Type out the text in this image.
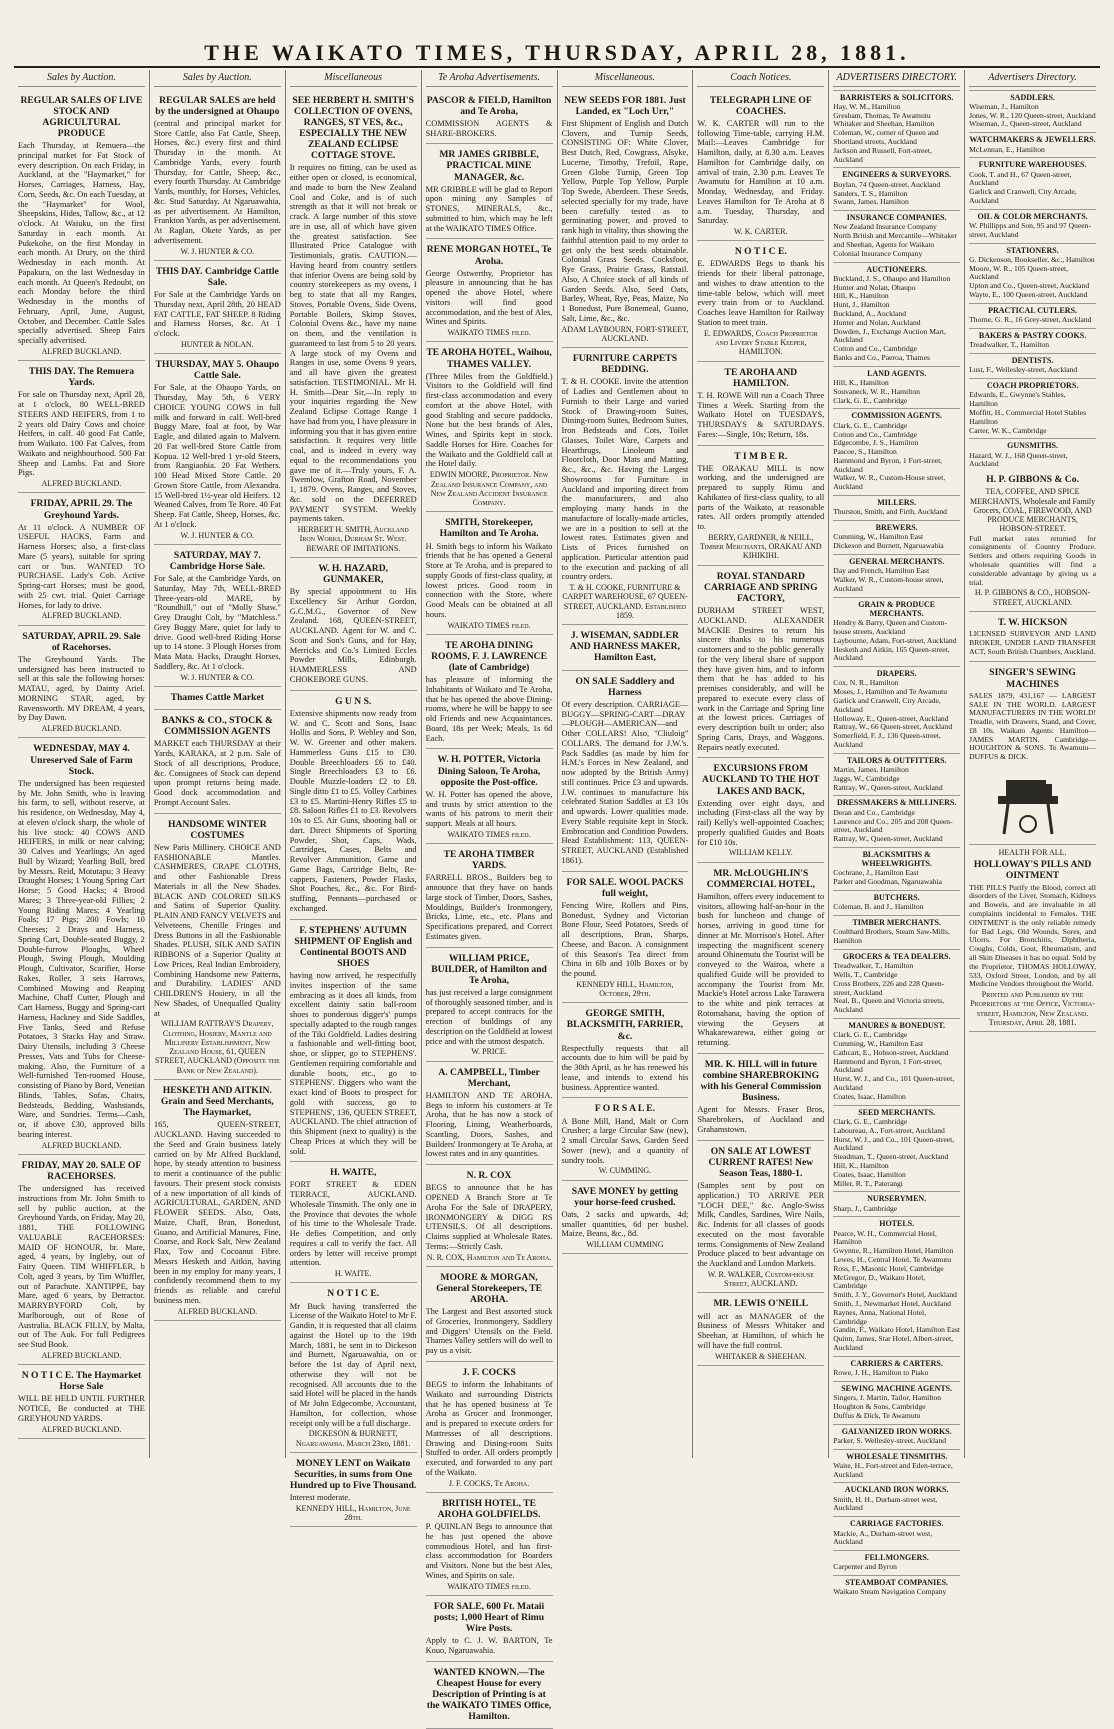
THE WAIKATO TIMES, THURSDAY, APRIL 28, 1881.
Sales by Auction.
REGULAR SALES OF LIVE STOCK AND AGRICULTURAL PRODUCE

Each Thursday, at Remuera—the principal market for Fat Stock of every description. On each Friday, in Auckland, at the "Haymarket," for Horses, Carriages, Harness, Hay, Corn, Seeds, &c. On each Tuesday, at the "Haymarket" for Wool, Sheepskins, Hides, Tallow, &c., at 12 o'clock. At Waiuku, on the first Saturday in each month. At Pukekohe, on the first Monday in each month. At Drury, on the third Wednesday in each month. At Papakura, on the last Wednesday in each month. At Queen's Redoubt, on each Monday before the third Wednesday in the months of February, April, June, August, October, and December. Cattle Sales specially advertised. Sheep Fairs specially advertised.

ALFRED BUCKLAND.
THIS DAY. The Remuera Yards.

For sale on Thursday next, April 28, at 1 o'clock, 80 WELL-BRED STEERS AND HEIFERS, from 1 to 2 years old Dairy Cows and choice Heifers, in calf. 40 good Fat Cattle, from Waikato. 100 Fat Calves, from Waikato and neighbourhood. 500 Fat Sheep and Lambs. Fat and Store Pigs.

ALFRED BUCKLAND.
FRIDAY, APRIL 29. The Greyhound Yards.

At 11 o'clock. A NUMBER OF USEFUL HACKS, Farm and Harness Horses; also, a first-class Mare (5 years), suitable for spring cart or 'bus. WANTED TO PURCHASE. Lady's Cob. Active Spring-cart Horses; must be good, with 25 cwt. trial. Quiet Carriage Horses, for lady to drive.

ALFRED BUCKLAND.
SATURDAY, APRIL 29. Sale of Racehorses.

The Greyhound Yards. The undersigned has been instructed to sell at this sale the following horses: MATAU, aged, by Dainty Ariel. MORNING STAR, aged, by Ravensworth. MY DREAM, 4 years, by Day Dawn.

ALFRED BUCKLAND.
WEDNESDAY, MAY 4. Unreserved Sale of Farm Stock.

The undersigned has been requested by Mr. John Smith, who is leaving his farm, to sell, without reserve, at his residence, on Wednesday, May 4, at eleven o'clock sharp, the whole of his live stock: 40 COWS AND HEIFERS, in milk or near calving; 30 Calves and Yearlings; An aged Bull by Wizard; Yearling Bull, bred by Messrs. Reid, Motutapu; 3 Heavy Draught Horses; 1 Young Spring Cart Horse; 5 Good Hacks; 4 Brood Mares; 3 Three-year-old Fillies; 2 Young Riding Mares; 4 Yearling Foals; 17 Pigs; 200 Fowls; 10 Cheeses; 2 Drays and Harness, Spring Cart, Double-seated Buggy, 2 Double-furrow Ploughs, Wheel Plough, Swing Plough, Moulding Plough, Cultivator, Scarifier, Horse Rakes, Roller, 3 sets Harrows, Combined Mowing and Reaping Machine, Chaff Cutter, Plough and Cart Harness, Buggy and Spring-cart Harness, Hackney and Side Saddles, Five Tanks, Seed and Refuse Potatoes, 3 Stacks Hay and Straw. Dairy Utensils, including 3 Cheese Presses, Vats and Tubs for Cheese-making. Also, the Furniture of a Well-furnished Ten-roomed House, consisting of Piano by Bord, Venetian Blinds, Tables, Sofas, Chairs, Bedsteads, Bedding, Washstands, Ware, and Sundries. Terms—Cash, or, if above £30, approved bills bearing interest.

ALFRED BUCKLAND.
FRIDAY, MAY 20. SALE OF RACEHORSES.

The undersigned has received instructions from Mr. John Smith to sell by public auction, at the Greyhound Yards, on Friday, May 20, 1881, THE FOLLOWING VALUABLE RACEHORSES: MAID OF HONOUR, br. Mare, aged, 4 years, by Ingleby, out of Fairy Queen. TIM WHIFFLER, b Colt, aged 3 years, by Tim Whiffler, out of Parachute. XANTIPPE, bay Mare, aged 6 years, by Detractor. MARRYBYFORD Colt, by Marlborough, out of Rose of Australia. BLACK FILLY, by Malta, out of The Auk. For full Pedigrees see Stud Book.

ALFRED BUCKLAND.
N O T I C E. The Haymarket Horse Sale

WILL BE HELD UNTIL FURTHER NOTICE, Be conducted at THE GREYHOUND YARDS.

ALFRED BUCKLAND.
Sales by Auction.
REGULAR SALES are held by the undersigned at Ohaupo

(central and principal market for Store Cattle, also Fat Cattle, Sheep, Horses, &c.) every first and third Thursday in the month. At Cambridge Yards, every fourth Thursday, for Cattle, Sheep, &c., every fourth Thursday. At Cambridge Yards, monthly, for Horses, Vehicles, &c. Stud Saturday. At Ngaruawahia, as per advertisement. At Hamilton, Frankton Yards, as per advertisement. At Raglan, Okete Yards, as per advertisement.

W. J. HUNTER & CO.
THIS DAY. Cambridge Cattle Sale.

For Sale at the Cambridge Yards on Thursday next, April 28th, 20 HEAD FAT CATTLE, FAT SHEEP. 8 Riding and Harness Horses, &c. At 1 o'clock.

HUNTER & NOLAN.
THURSDAY, MAY 5. Ohaupo Cattle Sale.

For Sale, at the Ohaupo Yards, on Thursday, May 5th, 6 VERY CHOICE YOUNG COWS in full milk and forward in calf. Well-bred Buggy Mare, foal at foot, by War Eagle, and dilated again to Malvern. 20 Fat well-bred Store Cattle from Kopua. 12 Well-bred 1 yr-old Steers, from Rangiaohia. 20 Fat Wethers. 100 Head Mixed Store Cattle. 20 Grown Store Cattle, from Alexandra. 15 Well-bred 1½-year old Heifers. 12 Weaned Calves, from Te Rore. 40 Fat Sheep. Fat Cattle, Sheep, Horses, &c. At 1 o'clock.

W. J. HUNTER & CO.
SATURDAY, MAY 7. Cambridge Horse Sale.

For Sale, at the Cambridge Yards, on Saturday, May 7th, WELL-BRED Three-years-old MARE, by "Roundhill," out of "Molly Shaw." Grey Draught Colt, by "Matchless." Grey Buggy Mare, quiet for lady to drive. Good well-bred Riding Horse up to 14 stone. 3 Plough Horses from Mata Mata. Hacks, Draught Horses, Saddlery, &c. At 1 o'clock.

W. J. HUNTER & CO.
Thames Cattle Market
BANKS & CO., STOCK & COMMISSION AGENTS

MARKET each THURSDAY at their Yards, KARAKA, at 2 p.m. Sale of Stock of all descriptions, Produce, &c. Consignees of Stock can depend upon prompt returns being made. Good dock accommodation and Prompt Account Sales.

HANDSOME WINTER COSTUMES

New Paris Millinery. CHOICE AND FASHIONABLE Mantles. CASHMERES, CRAPE CLOTHS, and other Fashionable Dress Materials in all the New Shades. BLACK AND COLORED SILKS and Satins of Superior Quality. PLAIN AND FANCY VELVETS and Velveteens, Chenille Fringes and Dress Buttons in all the Fashionable Shades. PLUSH, SILK AND SATIN RIBBONS of a Superior Quality at Low Prices, Real Indian Embroidery, Combining Handsome new Patterns, and Durability. LADIES' AND CHILDREN'S Hosiery, in all the New Shades, of Unequalled Quality at

WILLIAM RATTRAY'S Drapery, Clothing, Hosiery, Mantle and Millinery Establishment, New Zealand House, 61, QUEEN STREET, AUCKLAND (Opposite the Bank of New Zealand).
HESKETH AND AITKIN. Grain and Seed Merchants, The Haymarket,

165, QUEEN-STREET, AUCKLAND. Having succeeded to the Seed and Grain business lately carried on by Mr Alfred Buckland, hope, by steady attention to business to merit a continuance of the public favours. Their present stock consists of a new importation of all kinds of AGRICULTURAL, GARDEN, AND FLOWER SEEDS. Also, Oats, Maize, Chaff, Bran, Bonedust, Guano, and Artificial Manures, Fine, Coarse, and Rock Salt, New Zealand Flax, Tow and Cocoanut Fibre. Messrs Hesketh and Aitkin, having been in my employ for many years, I confidently recommend them to my friends as reliable and careful business men.

ALFRED BUCKLAND.
Miscellaneous
SEE HERBERT H. SMITH'S COLLECTION OF OVENS, RANGES, ST VES, &c., ESPECIALLY THE NEW ZEALAND ECLIPSE COTTAGE STOVE.

It requires no fitting, can be used as either open or closed, is economical, and made to burn the New Zealand Coal and Coke, and is of such strength as that it will not break or crack. A large number of this stove are in use, all of which have given the greatest satisfaction. See Illustrated Price Catalogue with Testimonials, gratis. CAUTION.—Having heard from country settlers that inferior Ovens are being sold by country storekeepers as my ovens, I beg to state that all my Ranges, Stoves, Portable Ovens, Side Ovens, Portable Boilers, Skimp Stoves, Colonial Ovens &c., have my name on them, and the ventilation is guaranteed to last from 5 to 20 years. A large stock of my Ovens and Ranges in use, some Ovens 9 years, and all have given the greatest satisfaction. TESTIMONIAL. Mr H. H. Smith—Dear Sir,—In reply to your inquiries regarding the New Zealand Eclipse Cottage Range I have had from you, I have pleasure in informing you that it has given entire satisfaction. It requires very little coal, and is indeed in every way equal to the recommendations you gave me of it.—Truly yours, F. A. Twemlow, Grafton Road, November 1, 1879. Ovens, Ranges, and Stoves, &c. sold on the DEFERRED PAYMENT SYSTEM. Weekly payments taken.

HERBERT H. SMITH, Auckland Iron Works, Durham St. West. BEWARE OF IMITATIONS.
W. H. HAZARD, GUNMAKER,

By special appointment to His Excellency Sir Arthur Gordon, G.C.M.G., Governor of New Zealand. 168, QUEEN-STREET, AUCKLAND. Agent for W. and C. Scott and Son's Guns, and for Hay, Merricks and Co.'s Limited Eccles Powder Mills, Edinburgh. HAMMERLESS AND CHOKEBORE GUNS.

G U N S.

Extensive shipments now ready from W. and C. Scott and Sons, Isaac Hollis and Sons, P. Webley and Son, W. W. Greener and other makers. Hammerless Guns £15 to £30. Double Breechloaders £6 to £40. Single Breechloaders £3 to £6. Double Muzzle-loaders £2 to £8. Single ditto £1 to £5. Volley Carbines £3 to £5. Martini-Henry Rifles £5 to £8. Saloon Rifles £1 to £3. Revolvers 10s to £5. Air Guns, shooting ball or dart. Direct Shipments of Sporting Powder, Shot, Caps, Wads, Cartridges, Cases, Belts and Revolver Ammunition, Game and Game Bags, Cartridge Belts, Re-cappers, Fasteners, Powder Flasks, Shot Pouches, &c., &c. For Bird-stuffing, Pennants—purchased or exchanged.

F. STEPHENS' AUTUMN SHIPMENT OF English and Continental BOOTS AND SHOES

having now arrived, he respectfully invites inspection of the same embracing as it does all kinds, from excellent dainty satin ball-room shoes to ponderous digger's' pumps specially adapted to the rough ranges of the Tiki Goldfield. Ladies desiring a fashionable and well-fitting boot, shoe, or slipper, go to STEPHENS'. Gentlemen requiring comfortable and durable boots, etc., go to STEPHENS'. Diggers who want the exact kind of Boots to prospect for gold with success, go to STEPHENS', 136, QUEEN STREET, AUCKLAND. The chief attraction of this Shipment (next to quality) is the Cheap Prices at which they will be sold.

H. WAITE,

FORT STREET & EDEN TERRACE, AUCKLAND. Wholesale Tinsmith. The only one in the Province that devotes the whole of his time to the Wholesale Trade. He defies Competition, and only requires a call to verify the fact. All orders by letter will receive prompt attention.

H. WAITE.
N O T I C E.

Mr Buck having transferred the License of the Waikato Hotel to Mr F. Gandin, it is requested that all claims against the Hotel up to the 19th March, 1881, be sent in to Dickeson and Burnett, Ngaruawahia, on or before the 1st day of April next, otherwise they will not be recognised. All accounts due to the said Hotel will be placed in the hands of Mr John Edgecombe, Accountant, Hamilton, for collection, whose receipt only will be a full discharge.

DICKESON & BURNETT, Ngaruawahia. March 23rd, 1881.
MONEY LENT on Waikato Securities, in sums from One Hundred up to Five Thousand.

Interest moderate.

KENNEDY HILL, Hamilton, June 28th.
Te Aroha Advertisements.
PASCOR & FIELD, Hamilton and Te Aroha,

COMMISSION AGENTS & SHARE-BROKERS.

MR JAMES GRIBBLE, PRACTICAL MINE MANAGER, &c.

MR GRIBBLE will be glad to Report upon mining any Samples of STONES, MINERALS, &c., submitted to him, which may be left at the WAIKATO TIMES Office.

RENE MORGAN HOTEL, Te Aroha.

George Ostwerthy, Proprietor has pleasure in announcing that he has opened the above Hotel, where visitors will find good accommodation, and the best of Ales, Wines and Spirits.

WAIKATO TIMES filed.
TE AROHA HOTEL, Waihou, THAMES VALLEY.

(Three Miles from the Goldfield.) Visitors to the Goldfield will find first-class accommodation and every comfort at the above Hotel, with good Stabling and secure paddocks. None but the best brands of Ales, Wines, and Spirits kept in stock. Saddle Horses for Hire. Coaches for the Waikato and the Goldfield call at the Hotel daily.

EDWIN MOORE, Proprietor. New Zealand Insurance Company, and New Zealand Accident Insurance Company.
SMITH, Storekeeper, Hamilton and Te Aroha.

H. Smith begs to inform his Waikato friends that he has opened a General Store at Te Aroha, and is prepared to supply Goods of first-class quality, at lowest prices. Good room in connection with the Store, where Good Meals can be obtained at all hours.

WAIKATO TIMES filed.
TE AROHA DINING ROOMS, F. J. LAWRENCE (late of Cambridge)

has pleasure of informing the Inhabitants of Waikato and Te Aroha, that he has opened the above Dining-rooms, where he will be happy to see old Friends and new Acquaintances. Board, 18s per Week; Meals, 1s 6d Each.

W. H. POTTER, Victoria Dining Saloon, Te Aroha, opposite the Post-office.

W. H. Potter has opened the above, and trusts by strict attention to the wants of his patrons to merit their support. Meals at all hours.

WAIKATO TIMES filed.
TE AROHA TIMBER YARDS.

FARRELL BROS., Builders beg to announce that they have on hands large stock of Timber, Doors, Sashes, Mouldings, Builder's Ironmongery, Bricks, Lime, etc., etc. Plans and Specifications prepared, and Correct Estimates given.

WILLIAM PRICE, BUILDER, of Hamilton and Te Aroha,

has just received a large consignment of thoroughly seasoned timber, and is prepared to accept contracts for the erection of buildings of any description on the Goldfield at lowest price and with the utmost despatch.

W. PRICE.
A. CAMPBELL, Timber Merchant,

HAMILTON AND TE AROHA. Begs to inform his customers at Te Aroha, that he has now a stock of Flooring, Lining, Weatherboards, Scantling, Doors, Sashes, and Builders' Ironmongery at Te Aroha, at lowest rates and in any quantities.

N. R. COX

BEGS to announce that he has OPENED A Branch Store at Te Aroha For the Sale of DRAPERY, IRONMONGERY & DIGG RS UTENSILS. Of all descriptions. Claims supplied at Wholesale Rates. Terms:—Strictly Cash.

N. R. COX, Hamilton and Te Aroha.
MOORE & MORGAN, General Storekeepers, TE AROHA.

The Largest and Best assorted stock of Groceries, Ironmongery, Saddlery and Diggers' Utensils on the Field. Thames Valley settlers will do well to pay us a visit.

J. F. COCKS

BEGS to inform the Inhabitants of Waikato and surrounding Districts that he has opened business at Te Aroha as Grocer and Ironmonger, and is prepared to execute orders for Mattresses of all descriptions. Drawing and Dining-room Suits Stuffed to order. All orders promptly executed, and forwarded to any part of the Waikato.

J. F. COCKS, Te Aroha.
BRITISH HOTEL, TE AROHA GOLDFIELDS.

P. QUINLAN Begs to announce that he has just opened the above commodious Hotel, and has first-class accommodation for Boarders and Visitors. None but the best Ales, Wines, and Spirits on sale.

WAIKATO TIMES filed.
FOR SALE, 600 Ft. Mataii posts; 1,000 Heart of Rimu Wire Posts.

Apply to C. J. W. BARTON, Te Kouo, Ngaruawahia.

WANTED KNOWN.—The Cheapest House for every Description of Printing is at the WAIKATO TIMES Office, Hamilton.
Miscellaneous.
NEW SEEDS FOR 1881. Just Landed, ex "Loch Urr,"

First Shipment of English and Dutch Clovers, and Turnip Seeds, CONSISTING OF: White Clover, Best Dutch, Red, Cowgrass, Alsyke, Lucerne, Timothy, Trefoil, Rape, Green Globe Turnip, Green Top Yellow, Purple Top Yellow, Purple Top Swede, Aberdeen. These Seeds, selected specially for my trade, have been carefully tested as to germinating power, and proved to rank high in vitality, thus showing the faithful attention paid to my order to get only the best seeds obtainable. Colonial Grass Seeds. Cocksfoot, Rye Grass, Prairie Grass, Ratstail. Also, A Choice stock of all kinds of Garden Seeds. Also, Seed Oats, Barley, Wheat, Rye, Peas, Maize, No 1 Bonedust, Pure Bonemeal, Guano, Salt, Lime, &c., &c.

ADAM LAYBOURN, FORT-STREET, AUCKLAND.
FURNITURE CARPETS BEDDING.

T. & H. COOKE. Invite the attention of Ladies and Gentlemen about to Furnish to their Large and varied Stock of Drawing-room Suites, Dining-room Suites, Bedroom Suites, Iron Bedsteads and Cots, Toilet Glasses, Toilet Ware, Carpets and Hearthrugs, Linoleum and Floorcloth, Door Mats and Matting, &c., &c., &c. Having the Largest Showrooms for Furniture in Auckland and importing direct from the manufacturers, and also employing many hands in the manufacture of locally-made articles, we are in a position to sell at the lowest rates. Estimates given and Lists of Prices furnished on application. Particular attention paid to the execution and packing of all country orders.

T. & H. COOKE, FURNITURE & CARPET WAREHOUSE, 67 QUEEN-STREET, AUCKLAND. Established 1859.
J. WISEMAN, SADDLER AND HARNESS MAKER, Hamilton East,
ON SALE Saddlery and Harness

Of every description. CARRIAGE—BUGGY—SPRING-CART—DRAY—PLOUGH—AMERICAN—and Other COLLARS! Also, "Cliuloig" COLLARS. The demand for J.W.'s. Pack Saddles (as made by him for H.M.'s Forces in New Zealand, and now adopted by the British Army) still continues. Price £3 and upwards. J.W. continues to manufacture his celebrated Station Saddles at £3 10s and upwards. Lower qualities made. Every Stable requisite kept in Stock. Embrocation and Condition Powders. Head Establishment: 113, QUEEN-STREET, AUCKLAND (Established 1861).

FOR SALE. WOOL PACKS full weight,

Fencing Wire, Rollers and Pins, Bonedust, Sydney and Victorian Bone Flour, Seed Potatoes, Seeds of all descriptions, Bran, Sharps, Cheese, and Bacon. A consignment of this Season's Tea direct from China in 6lb and 10lb Boxes or by the pound.

KENNEDY HILL, Hamilton, October, 29th.
GEORGE SMITH, BLACKSMITH, FARRIER, &c.

Respectfully requests that all accounts due to him will be paid by the 30th April, as he has renewed his lease, and intends to extend his business. Apprentice wanted.

F O R S A L E.

A Bone Mill, Hand, Malt or Corn Crusher; a large Circular Saw (new), 2 small Circular Saws, Garden Seed Sower (new), and a quantity of sundry tools.

W. CUMMING.
SAVE MONEY by getting your horse-feed crushed.

Oats, 2 sacks and upwards, 4d; smaller quantities, 6d per bushel. Maize, Beans, &c., 8d.

WILLIAM CUMMING
Coach Notices.
TELEGRAPH LINE OF COACHES.

W. K. CARTER will run to the following Time-table, carrying H.M. Mail:—Leaves Cambridge for Hamilton, daily, at 8.30 a.m. Leaves Hamilton for Cambridge daily, on arrival of train, 2.30 p.m. Leaves Te Awamutu for Hamilton at 10 a.m. Monday, Wednesday, and Friday. Leaves Hamilton for Te Aroha at 8 a.m. Tuesday, Thursday, and Saturday.

W. K. CARTER.
N O T I C E.

E. EDWARDS Begs to thank his friends for their liberal patronage, and wishes to draw attention to the time-table below, which will meet every train from or to Auckland. Coaches leave Hamilton for Railway Station to meet train.

E. EDWARDS, Coach Proprietor and Livery Stable Keeper, HAMILTON.
TE AROHA AND HAMILTON.

T. H. ROWE Will run a Coach Three Times a Week. Starting from the Waikato Hotel on TUESDAYS, THURSDAYS & SATURDAYS. Fares:—Single, 10s; Return, 18s.

T I M B E R.

THE ORAKAU MILL is now working, and the undersigned are prepared to supply Rimu and Kahikatea of first-class quality, to all parts of the Waikato, at reasonable rates. All orders promptly attended to.

BERRY, GARDNER, & NEILL, Timber Merchants, ORAKAU AND KIHIKIHI.
ROYAL STANDARD CARRIAGE AND SPRING FACTORY,

DURHAM STREET WEST, AUCKLAND. ALEXANDER MACKIE Desires to return his sincere thanks to his numerous customers and to the public generally for the very liberal share of support they have given him, and to inform them that he has added to his premises considerably, and will be prepared to execute every class of work in the Carriage and Spring line at the lowest prices. Carriages of every description built to order; also Spring Carts, Drays, and Waggons. Repairs neatly executed.

EXCURSIONS FROM AUCKLAND TO THE HOT LAKES AND BACK,

Extending over eight days, and including (First-class all the way by rail) Kelly's well-appointed Coaches; properly qualified Guides and Boats for £10 10s.

WILLIAM KELLY.
MR. McLOUGHLIN'S COMMERCIAL HOTEL,

Hamilton, offers every inducement to visitors, allowing half-an-hour in the bush for luncheon and change of horses, arriving in good time for dinner at Mr. Morrison's Hotel. After inspecting the magnificent scenery around Ohinemutu the Tourist will be conveyed to the Wairoa, where a qualified Guide will be provided to accompany the Tourist from Mr. Mackie's Hotel across Lake Tarawera to the white and pink terraces at Rotomahana, having the option of viewing the Geysers at Whakarewarewa, either going or returning.

MR. K. HILL will in future combine SHAREBROKING with his General Commission Business.

Agent for Messrs. Fraser Bros, Sharebrokers, of Auckland and Grahamstown.

ON SALE AT LOWEST CURRENT RATES! New Season Teas, 1880-1.

(Samples sent by post on application.) TO ARRIVE PER "LOCH DEE," &c. Anglo-Swiss Milk, Candles, Sardines, Wire Nails, &c. Indents for all classes of goods executed on the most favorable terms. Consignments of New Zealand Produce placed to best advantage on the Auckland and London Markets.

W. R. WALKER, Custom-house Street, AUCKLAND.
MR. LEWIS O'NEILL

will act as MANAGER of the Business of Messrs Whitaker and Sheehan, at Hamilton, of which he will have the full control.

WHITAKER & SHEEHAN.
ADVERTISERS DIRECTORY.
BARRISTERS & SOLICITORS.
Hay, W. M., Hamilton
Gresham, Thomas, Te Awamutu
Whitaker and Sheehan, Hamilton
Coleman, W., corner of Queen and Shortland streets, Auckland
Jackson and Russell, Fort-street, Auckland
ENGINEERS & SURVEYORS.
Boylan, 74 Queen-street, Auckland
Sanders, T. S., Hamilton
Swann, James, Hamilton
INSURANCE COMPANIES.
New Zealand Insurance Company
North British and Mercantile—Whitaker and Sheehan, Agents for Waikato
Colonial Insurance Company
AUCTIONEERS.
Buckland, J. S., Ohaupo and Hamilton
Hunter and Nolan, Ohaupo
Hill, K., Hamilton
Hunt, J., Hamilton
Buckland, A., Auckland
Hunter and Nolan, Auckland
Dowden, J., Exchange Auction Mart, Auckland
Cotton and Co., Cambridge
Banks and Co., Paeroa, Thames
LAND AGENTS.
Hill, K., Hamilton
Souvaneck, W. R., Hamilton
Clark, G. E., Cambridge
COMMISSION AGENTS.
Clark, G. E., Cambridge
Cotton and Co., Cambridge
Edgecombe, J. S., Hamilton
Pascoe, S., Hamilton
Hammond and Byron, 1 Fort-street, Auckland
Walker, W. R., Custom-House street, Auckland
MILLERS.
Thurston, Smith, and Firth, Auckland
BREWERS.
Cumming, W., Hamilton East
Dickeson and Burnett, Ngaruawahia
GENERAL MERCHANTS.
Day and French, Hamilton East
Walker, W. R., Custom-house street, Auckland
GRAIN & PRODUCE MERCHANTS.
Hendry & Barry, Queen and Custom-house streets, Auckland
Laybourne, Adam, Fort-street, Auckland
Hesketh and Aitkin, 165 Queen-street, Auckland
DRAPERS.
Cox, N. R., Hamilton
Moses, J., Hamilton and Te Awamutu
Garlick and Cranwell, City Arcade, Auckland
Holloway, E., Queen-street, Auckland
Rattray, W., 66 Queen-street, Auckland
Somerfield, F. J., 136 Queen-street, Auckland
TAILORS & OUTFITTERS.
Martin, James, Hamilton
Jaggs, W., Cambridge
Rattray, W., Queen-street, Auckland
DRESSMAKERS & MILLINERS.
Deran and Co., Cambridge
Laurence and Co., 205 and 208 Queen-street, Auckland
Rattray, W., Queen-street, Auckland
BLACKSMITHS & WHEELWRIGHTS.
Cochrane, J., Hamilton East
Parker and Goodman, Ngaruawahia
BUTCHERS.
Coleman, B. and J., Hamilton
TIMBER MERCHANTS.
Coulthard Brothers, Steam Saw-Mills, Hamilton
GROCERS & TEA DEALERS.
Treadwalker, T., Hamilton
Wells, T., Cambridge
Cross Brothers, 226 and 228 Queen-street, Auckland
Neal, B., Queen and Victoria streets, Auckland
MANURES & BONEDUST.
Clark, G. E., Cambridge
Cumming, W., Hamilton East
Cathcart, E., Hobson-street, Auckland
Hammond and Byron, 1 Fort-street, Auckland
Hurst, W. J., and Co., 101 Queen-street, Auckland
Coates, Isaac, Hamilton
SEED MERCHANTS.
Clark, G. E., Cambridge
Laboureau, A., Fort-street, Auckland
Hurst, W. J., and Co., 101 Queen-street, Auckland
Steadman, T., Queen-street, Auckland
Hill, K., Hamilton
Coates, Isaac, Hamilton
Miller, R. T., Paterangi
NURSERYMEN.
Sharp, J., Cambridge
HOTELS.
Pearce, W. H., Commercial Hotel, Hamilton
Gwynne, R., Hamilton Hotel, Hamilton
Lewes, H., Central Hotel, Te Awamutu
Ross, F., Masonic Hotel, Cambridge
McGregor, D., Waikato Hotel, Cambridge
Smith, J. Y., Governor's Hotel, Auckland
Smith, J., Newmarket Hotel, Auckland
Raynes, Anna, National Hotel, Cambridge
Gandin, F., Waikato Hotel, Hamilton East
Quinn, James, Star Hotel, Albert-street, Auckland
CARRIERS & CARTERS.
Rowe, J. H., Hamilton to Piako
SEWING MACHINE AGENTS.
Singers, J. Martin, Tailor, Hamilton
Houghton & Sons, Cambridge
Duffus & Dick, Te Awamutu
GALVANIZED IRON WORKS.
Parker, S. Wellesley-street, Auckland
WHOLESALE TINSMITHS.
Waite, H., Fort-street and Eden-terrace, Auckland
AUCKLAND IRON WORKS.
Smith, H. H., Durham-street west, Auckland
CARRIAGE FACTORIES.
Mackie, A., Durham-street west, Auckland
FELLMONGERS.
Carpenter and Byron
STEAMBOAT COMPANIES.
Waikato Steam Navigation Company
Advertisers Directory.
SADDLERS.
Wiseman, J., Hamilton
Jones, W. R., 120 Queen-street, Auckland
Wiseman, J., Queen-street, Auckland
WATCHMAKERS & JEWELLERS.
McLennan, E., Hamilton
FURNITURE WAREHOUSES.
Cook, T. and H., 67 Queen-street, Auckland
Garlick and Cranwell, City Arcade, Auckland
OIL & COLOR MERCHANTS.
W. Phillipps and Son, 95 and 97 Queen-street, Auckland
STATIONERS.
G. Dickenson, Bookseller, &c., Hamilton
Moore, W. R., 105 Queen-street, Auckland
Upton and Co., Queen-street, Auckland
Wayte, E., 100 Queen-street, Auckland
PRACTICAL CUTLERS.
Thorne, G. R., 16 Grey-street, Auckland
BAKERS & PASTRY COOKS.
Treadwalker, T., Hamilton
DENTISTS.
Lust, F., Wellesley-street, Auckland
COACH PROPRIETORS.
Edwards, E., Gwynne's Stables, Hamilton
Moffitt, H., Commercial Hotel Stables
Hamilton
Carter, W. K., Cambridge
GUNSMITHS.
Hazard, W. J., 168 Queen-street, Auckland
H. P. GIBBONS & Co.
TEA, COFFEE, AND SPICE MERCHANTS, Wholesale and Family Grocers, COAL, FIREWOOD, AND PRODUCE MERCHANTS, HOBSON-STREET.

Full market rates returned for consignments of Country Produce. Settlers and others requiring Goods in wholesale quantities will find a considerable advantage by giving us a trial.

H. P. GIBBONS & CO., HOBSON-STREET, AUCKLAND.
T. W. HICKSON

LICENSED SURVEYOR AND LAND BROKER, UNDER LAND TRANSFER ACT, South British Chambers, Auckland.

SINGER'S SEWING MACHINES

SALES 1879, 431,167 — LARGEST SALE IN THE WORLD. LARGEST MANUFACTURERS IN THE WORLD! Treadle, with Drawers, Stand, and Cover, £8 10s. Waikato Agents: Hamilton—JAMES MARTIN. Cambridge—HOUGHTON & SONS. Te Awamutu—DUFFUS & DICK.

HEALTH FOR ALL.
HOLLOWAY'S PILLS AND OINTMENT

THE PILLS Purify the Blood, correct all disorders of the Liver, Stomach, Kidneys and Bowels, and are invaluable in all complaints incidental to Females. THE OINTMENT is the only reliable remedy for Bad Legs, Old Wounds, Sores, and Ulcers. For Bronchitis, Diphtheria, Coughs, Colds, Gout, Rheumatism, and all Skin Diseases it has no equal. Sold by the Proprietor, THOMAS HOLLOWAY, 533, Oxford Street, London, and by all Medicine Vendors throughout the World.

Printed and Published by the Proprietors at the Office, Victoria-street, Hamilton, New Zealand. Thursday, April 28, 1881.
